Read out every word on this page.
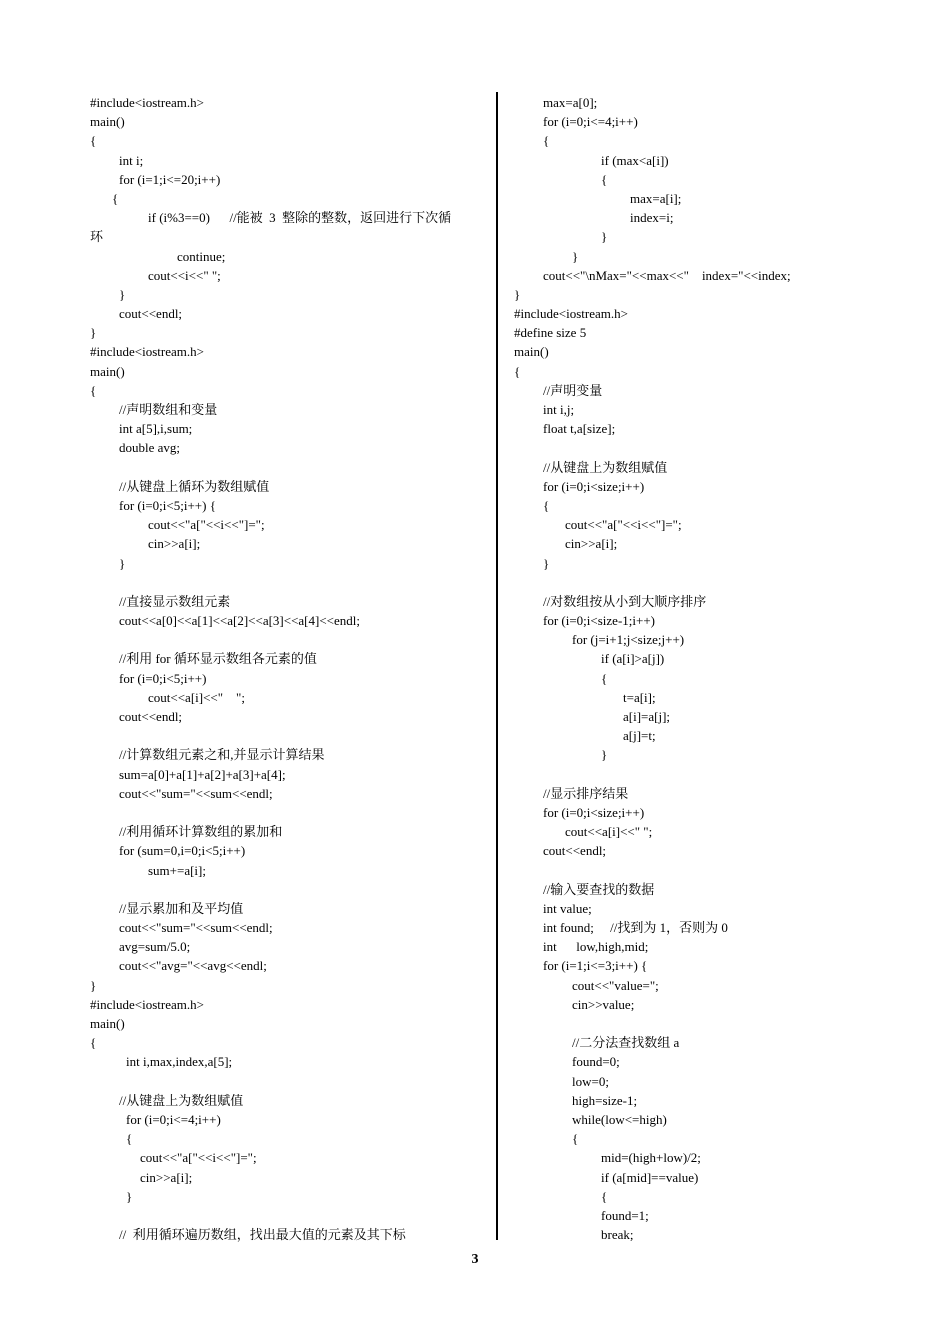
#include<iostream.h>
main()
{
int i;
for (i=1;i<=20;i++)
{
if (i%3==0)      //能被  3  整除的整数，返回进行下次循
环
continue;
cout<<i<<" ";
}
cout<<endl;
}
#include<iostream.h>
main()
{
//声明数组和变量
int a[5],i,sum;
double avg;
//从键盘上循环为数组赋值
for (i=0;i<5;i++) {
cout<<"a["<<i<<"]=";
cin>>a[i];
}
//直接显示数组元素
cout<<a[0]<<a[1]<<a[2]<<a[3]<<a[4]<<endl;
//利用 for 循环显示数组各元素的值
for (i=0;i<5;i++)
cout<<a[i]<<"    ";
cout<<endl;
//计算数组元素之和,并显示计算结果
sum=a[0]+a[1]+a[2]+a[3]+a[4];
cout<<"sum="<<sum<<endl;
//利用循环计算数组的累加和
for (sum=0,i=0;i<5;i++)
sum+=a[i];
//显示累加和及平均值
cout<<"sum="<<sum<<endl;
avg=sum/5.0;
cout<<"avg="<<avg<<endl;
}
#include<iostream.h>
main()
{
int i,max,index,a[5];
//从键盘上为数组赋值
for (i=0;i<=4;i++)
{
cout<<"a["<<i<<"]=";
cin>>a[i];
}
//  利用循环遍历数组，找出最大值的元素及其下标
max=a[0];
for (i=0;i<=4;i++)
{
if (max<a[i])
{
max=a[i];
index=i;
}
}
cout<<"\nMax="<<max<<"    index="<<index;
}
#include<iostream.h>
#define size 5
main()
{
//声明变量
int i,j;
float t,a[size];
//从键盘上为数组赋值
for (i=0;i<size;i++)
{
cout<<"a["<<i<<"]=";
cin>>a[i];
}
//对数组按从小到大顺序排序
for (i=0;i<size-1;i++)
for (j=i+1;j<size;j++)
if (a[i]>a[j])
{
t=a[i];
a[i]=a[j];
a[j]=t;
}
//显示排序结果
for (i=0;i<size;i++)
cout<<a[i]<<" ";
cout<<endl;
//输入要查找的数据
int value;
int found;     //找到为 1，否则为 0
int      low,high,mid;
for (i=1;i<=3;i++) {
cout<<"value=";
cin>>value;
//二分法查找数组 a
found=0;
low=0;
high=size-1;
while(low<=high)
{
mid=(high+low)/2;
if (a[mid]==value)
{
found=1;
break;
3
